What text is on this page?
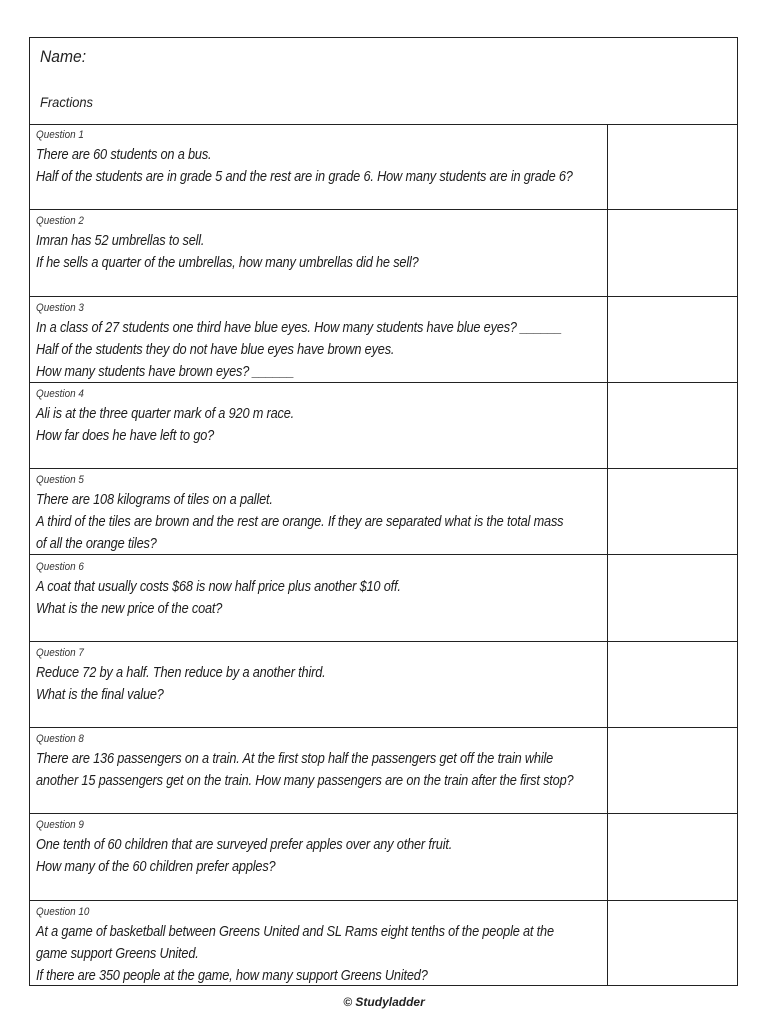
Name:
Fractions
Question 1
There are 60 students on a bus.
Half of the students are in grade 5 and the rest are in grade 6. How many students are in grade 6?
Question 2
Imran has 52 umbrellas to sell.
If he sells a quarter of the umbrellas, how many umbrellas did he sell?
Question 3
In a class of 27 students one third have blue eyes. How many students have blue eyes? ______
Half of the students they do not have blue eyes have brown eyes.
How many students have brown eyes? ______
Question 4
Ali is at the three quarter mark of a 920 m race.
How far does he have left to go?
Question 5
There are 108 kilograms of tiles on a pallet.
A third of the tiles are brown and the rest are orange. If they are separated what is the total mass
of all the orange tiles?
Question 6
A coat that usually costs $68 is now half price plus another $10 off.
What is the new price of the coat?
Question 7
Reduce 72 by a half. Then reduce by a another third.
What is the final value?
Question 8
There are 136 passengers on a train. At the first stop half the passengers get off the train while
another 15 passengers get on the train. How many passengers are on the train after the first stop?
Question 9
One tenth of 60 children that are surveyed prefer apples over any other fruit.
How many of the 60 children prefer apples?
Question 10
At a game of basketball between Greens United and SL Rams eight tenths of the people at the
game support Greens United.
If there are 350 people at the game, how many support Greens United?
© Studyladder
